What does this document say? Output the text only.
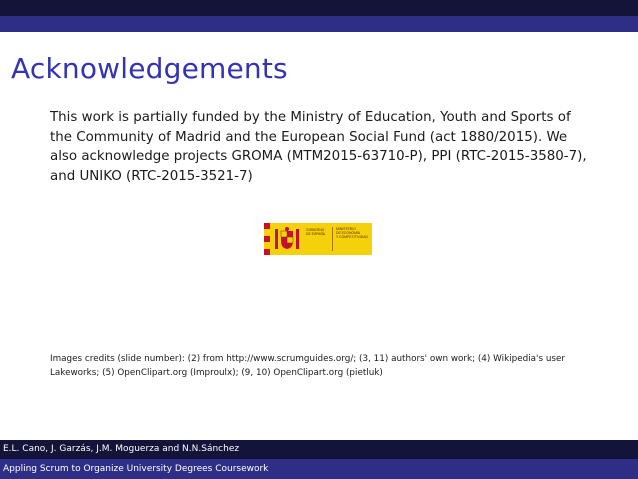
Acknowledgements

This work is partially funded by the Ministry of Education, Youth and Sports of the Community of Madrid and the European Social Fund (act 1880/2015). We also acknowledge projects GROMA (MTM2015-63710-P), PPI (RTC-2015-3580-7), and UNIKO (RTC-2015-3521-7)

GOBIERNO
DE ESPAÑA
MINISTERIO
DE ECONOMÍA
Y COMPETITIVIDAD

Images credits (slide number): (2) from http://www.scrumguides.org/; (3, 11) authors' own work; (4) Wikipedia's user Lakeworks; (5) OpenClipart.org (Improulx); (9, 10) OpenClipart.org (pietluk)

E.L. Cano, J. Garzás, J.M. Moguerza and N.N.Sánchez
Appling Scrum to Organize University Degrees Coursework
